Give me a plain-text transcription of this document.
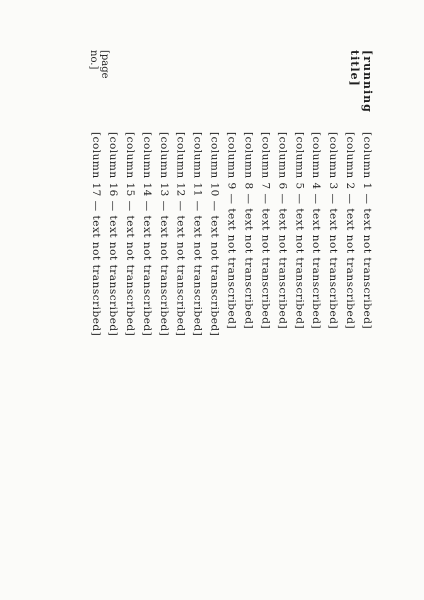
[running title]
[page no.]
[column 1 — text not transcribed]
[column 2 — text not transcribed]
[column 3 — text not transcribed]
[column 4 — text not transcribed]
[column 5 — text not transcribed]
[column 6 — text not transcribed]
[column 7 — text not transcribed]
[column 8 — text not transcribed]
[column 9 — text not transcribed]
[column 10 — text not transcribed]
[column 11 — text not transcribed]
[column 12 — text not transcribed]
[column 13 — text not transcribed]
[column 14 — text not transcribed]
[column 15 — text not transcribed]
[column 16 — text not transcribed]
[column 17 — text not transcribed]
